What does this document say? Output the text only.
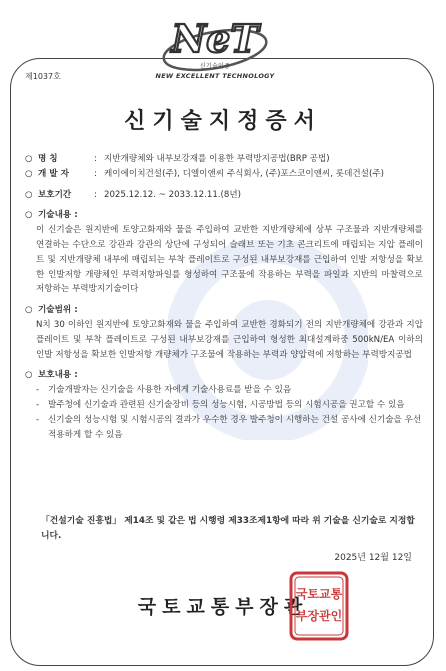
NeT
신기술인증
NEW EXCELLENT TECHNOLOGY
제1037호
신기술지정증서
○ 명 칭	: 지반개량체와 내부보강재를 이용한 부력방지공법(BRP 공법)
○ 개 발 자	: 케이에이치건설(주), 디엘이앤씨 주식회사, (주)포스코이앤씨, 롯데건설(주)
○ 보호기간	: 2025.12.12. ~ 2033.12.11.(8년)
○ 기술내용 :
이 신기술은 원지반에 토양고화재와 물을 주입하여 교반한 지반개량체에 상부 구조물과 지반개량체를 연결하는 수단으로 강관과 강관의 상단에 구성되어 슬래브 또는 기초 콘크리트에 매립되는 지압 플레이트 및 지반개량체 내부에 매립되는 부착 플레이트로 구성된 내부보강재를 근입하여 인발 저항성을 확보한 인발저항 개량체인 부력저항파일를 형성하여 구조물에 작용하는 부력을 파일과 지반의 마찰력으로 저항하는 부력방지기술이다
○ 기술범위 :
N치 30 이하인 원지반에 토양고화재와 물을 주입하여 교반한 경화되기 전의 지반개량체에 강관과 지압 플레이트 및 부착 플레이트로 구성된 내부보강재를 근입하여 형성한 최대설계하중 500kN/EA 이하의 인발 저항성을 확보한 인발저항 개량체가 구조물에 작용하는 부력과 양압력에 저항하는 부력방지공법
○ 보호내용 :
-	기술개발자는 신기술을 사용한 자에게 기술사용료를 받을 수 있음
-	발주청에 신기술과 관련된 신기술장비 등의 성능시험, 시공방법 등의 시험시공을 권고할 수 있음
-	신기술의 성능시험 및 시험시공의 결과가 우수한 경우 발주청이 시행하는 건설 공사에 신기술을 우선 적용하게 할 수 있음
「건설기술 진흥법」 제14조 및 같은 법 시행령 제33조제1항에 따라 위 기술을 신기술로 지정합니다.
2025년 12월 12일
국토교통부장관
국토교통
부장관인
